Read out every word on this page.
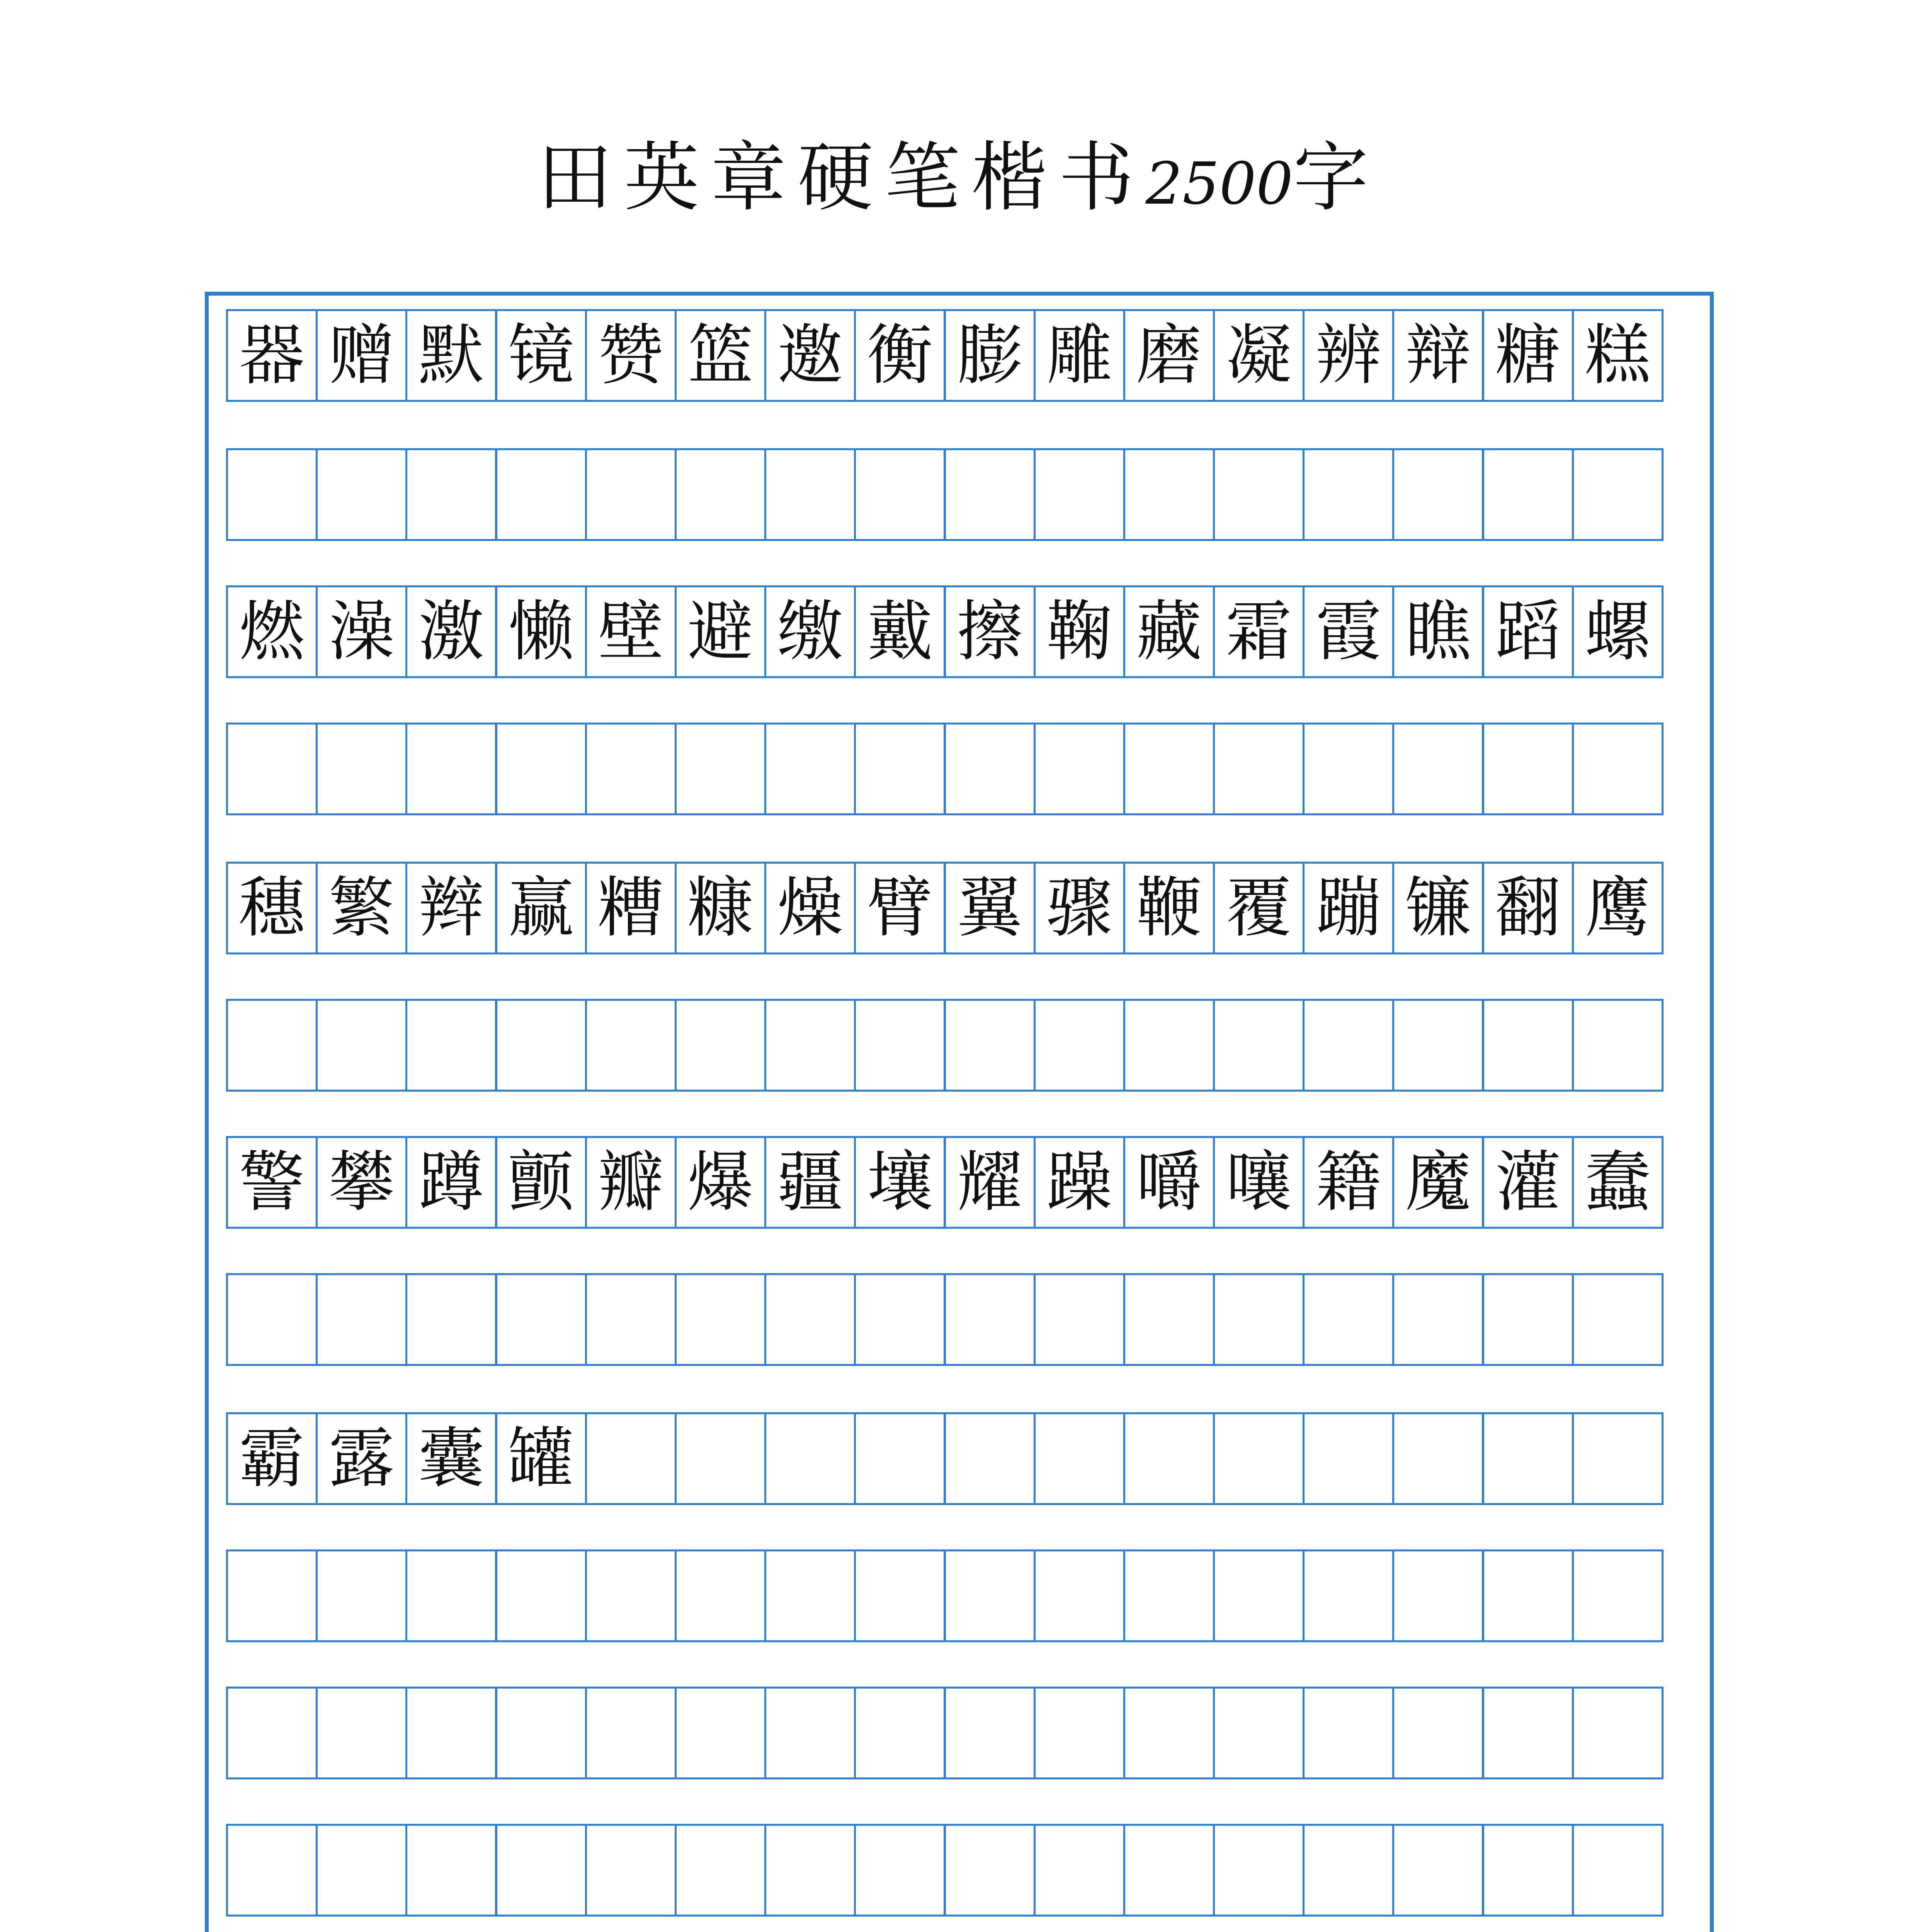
田英章硬笔楷书2500字
器 赠 默 镜 赞 篮 邀 衡 膨 雕 磨 凝 辨 辩 糖 糕
燃 澡 激 懒 壁 避 缴 戴 擦 鞠 藏 霜 霞 瞧 蹈 螺
穗 繁 辫 赢 糟 糠 燥 臂 翼 骤 鞭 覆 蹦 镰 翻 鹰
警 攀 蹲 颤 瓣 爆 疆 壤 耀 躁 嚼 嚷 籍 魔 灌 蠢
霸 露 囊 罐
